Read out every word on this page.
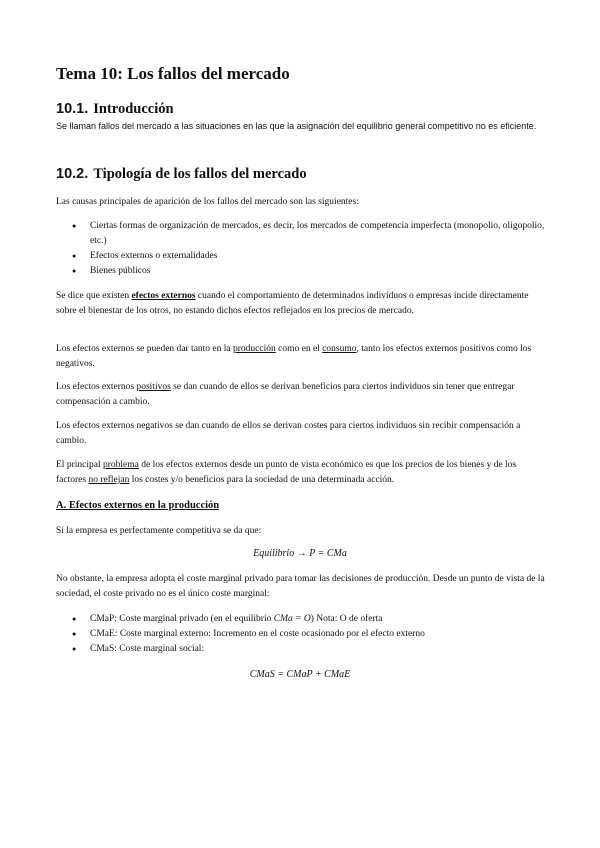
Tema 10: Los fallos del mercado
10.1. Introducción
Se llaman fallos del mercado a las situaciones en las que la asignación del equilibrio general competitivo no es eficiente.
10.2. Tipología de los fallos del mercado
Las causas principales de aparición de los fallos del mercado son las siguientes:
● Ciertas formas de organización de mercados, es decir, los mercados de competencia imperfecta (monopolio, oligopolio, etc.)
● Efectos externos o externalidades
● Bienes públicos
Se dice que existen efectos externos cuando el comportamiento de determinados individuos o empresas incide directamente sobre el bienestar de los otros, no estando dichos efectos reflejados en los precios de mercado.
Los efectos externos se pueden dar tanto en la producción como en el consumo, tanto los efectos externos positivos como los negativos.
Los efectos externos positivos se dan cuando de ellos se derivan beneficios para ciertos individuos sin tener que entregar compensación a cambio.
Los efectos externos negativos se dan cuando de ellos se derivan costes para ciertos individuos sin recibir compensación a cambio.
El principal problema de los efectos externos desde un punto de vista económico es que los precios de los bienes y de los factores no reflejan los costes y/o beneficios para la sociedad de una determinada acción.
A. Efectos externos en la producción
Si la empresa es perfectamente competitiva se da que:
Equilibrio → P = CMa
No obstante, la empresa adopta el coste marginal privado para tomar las decisiones de producción. Desde un punto de vista de la sociedad, el coste privado no es el único coste marginal:
● CMaP: Coste marginal privado (en el equilibrio CMa = O) Nota: O de oferta
● CMaE: Coste marginal externo: Incremento en el coste ocasionado por el efecto externo
● CMaS: Coste marginal social:
CMaS = CMaP + CMaE
